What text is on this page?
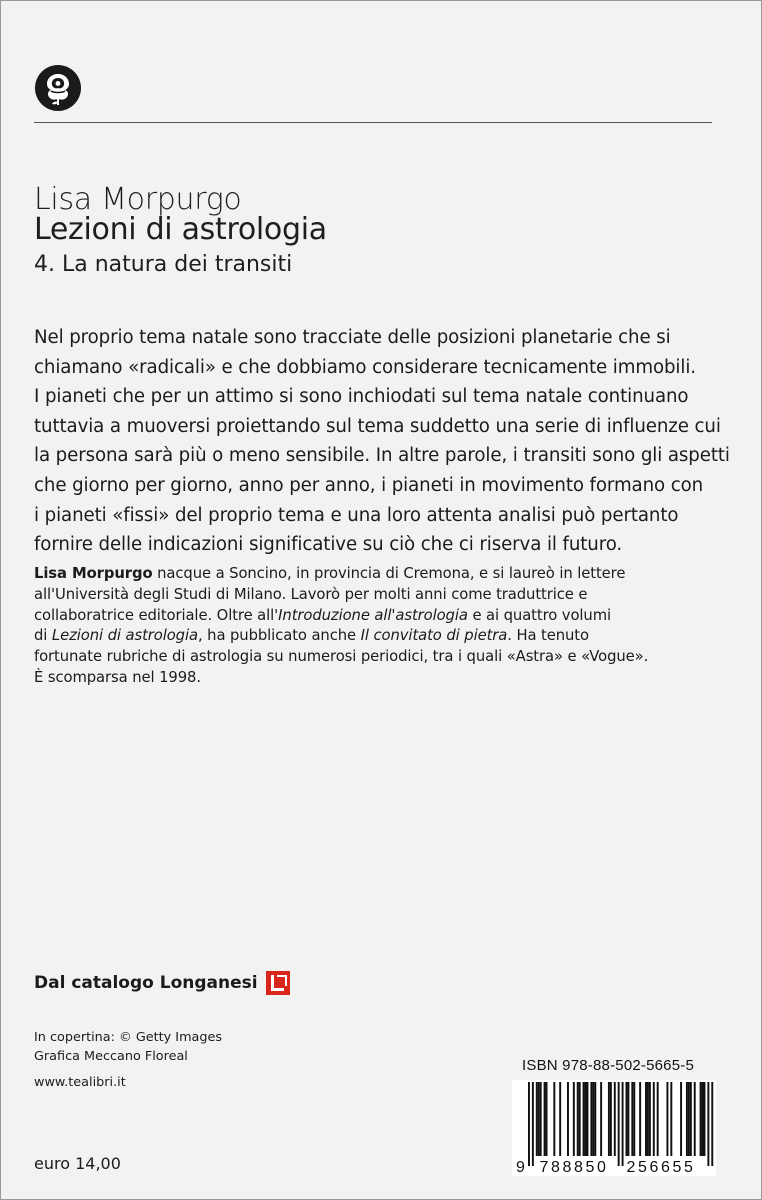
Lisa Morpurgo
Lezioni di astrologia
4. La natura dei transiti
Nel proprio tema natale sono tracciate delle posizioni planetarie che si
chiamano «radicali» e che dobbiamo considerare tecnicamente immobili.
I pianeti che per un attimo si sono inchiodati sul tema natale continuano
tuttavia a muoversi proiettando sul tema suddetto una serie di influenze cui
la persona sarà più o meno sensibile. In altre parole, i transiti sono gli aspetti
che giorno per giorno, anno per anno, i pianeti in movimento formano con
i pianeti «fissi» del proprio tema e una loro attenta analisi può pertanto
fornire delle indicazioni significative su ciò che ci riserva il futuro.
Lisa Morpurgo nacque a Soncino, in provincia di Cremona, e si laureò in lettere
all'Università degli Studi di Milano. Lavorò per molti anni come traduttrice e
collaboratrice editoriale. Oltre all'Introduzione all'astrologia e ai quattro volumi
di Lezioni di astrologia, ha pubblicato anche Il convitato di pietra. Ha tenuto
fortunate rubriche di astrologia su numerosi periodici, tra i quali «Astra» e «Vogue».
È scomparsa nel 1998.
Dal catalogo Longanesi
In copertina: © Getty Images
Grafica Meccano Floreal
www.tealibri.it
euro 14,00
ISBN 978-88-502-5665-5
9 788850 256655
